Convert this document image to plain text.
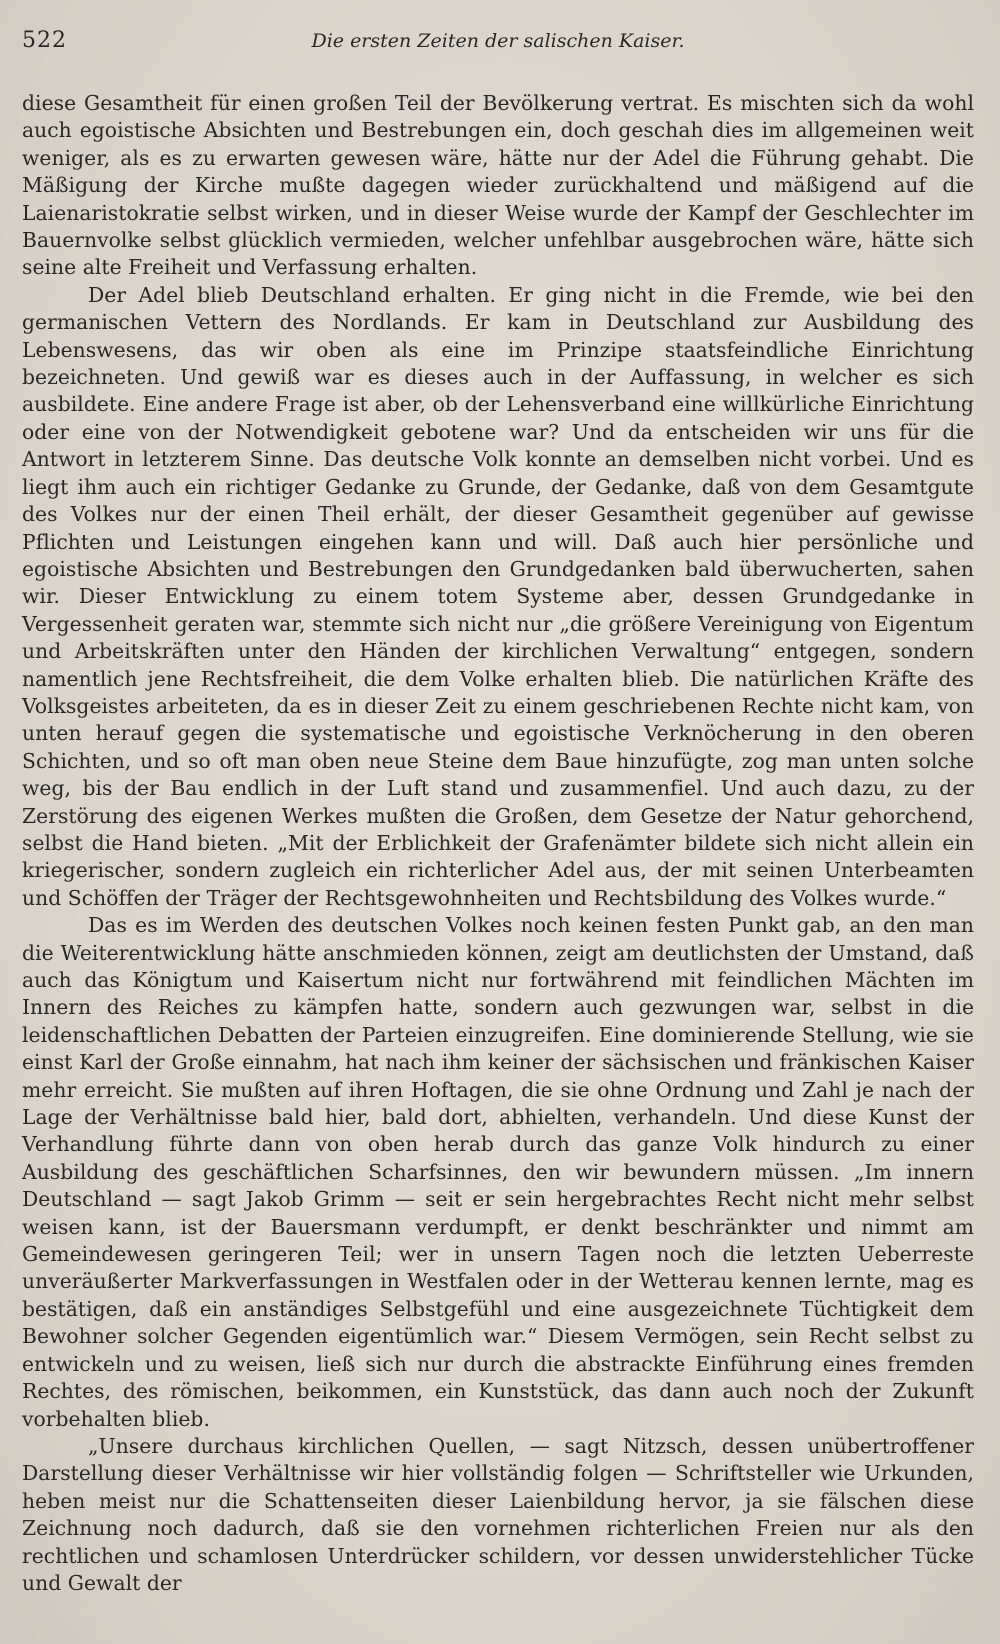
522	Die ersten Zeiten der salischen Kaiser.

diese Gesamtheit für einen großen Teil der Bevölkerung vertrat. Es mischten sich da wohl auch egoistische Absichten und Bestrebungen ein, doch geschah dies im allgemeinen weit weniger, als es zu erwarten gewesen wäre, hätte nur der Adel die Führung gehabt. Die Mäßigung der Kirche mußte dagegen wieder zurückhaltend und mäßigend auf die Laienaristokratie selbst wirken, und in dieser Weise wurde der Kampf der Geschlechter im Bauernvolke selbst glücklich vermieden, welcher unfehlbar ausgebrochen wäre, hätte sich seine alte Freiheit und Verfassung erhalten.

Der Adel blieb Deutschland erhalten. Er ging nicht in die Fremde, wie bei den germanischen Vettern des Nordlands. Er kam in Deutschland zur Ausbildung des Lebenswesens, das wir oben als eine im Prinzipe staatsfeindliche Einrichtung bezeichneten. Und gewiß war es dieses auch in der Auffassung, in welcher es sich ausbildete. Eine andere Frage ist aber, ob der Lehensverband eine willkürliche Einrichtung oder eine von der Notwendigkeit gebotene war? Und da entscheiden wir uns für die Antwort in letzterem Sinne. Das deutsche Volk konnte an demselben nicht vorbei. Und es liegt ihm auch ein richtiger Gedanke zu Grunde, der Gedanke, daß von dem Gesamtgute des Volkes nur der einen Theil erhält, der dieser Gesamtheit gegenüber auf gewisse Pflichten und Leistungen eingehen kann und will. Daß auch hier persönliche und egoistische Absichten und Bestrebungen den Grundgedanken bald überwucherten, sahen wir. Dieser Entwicklung zu einem totem Systeme aber, dessen Grundgedanke in Vergessenheit geraten war, stemmte sich nicht nur „die größere Vereinigung von Eigentum und Arbeitskräften unter den Händen der kirchlichen Verwaltung“ entgegen, sondern namentlich jene Rechtsfreiheit, die dem Volke erhalten blieb. Die natürlichen Kräfte des Volksgeistes arbeiteten, da es in dieser Zeit zu einem geschriebenen Rechte nicht kam, von unten herauf gegen die systematische und egoistische Verknöcherung in den oberen Schichten, und so oft man oben neue Steine dem Baue hinzufügte, zog man unten solche weg, bis der Bau endlich in der Luft stand und zusammenfiel. Und auch dazu, zu der Zerstörung des eigenen Werkes mußten die Großen, dem Gesetze der Natur gehorchend, selbst die Hand bieten. „Mit der Erblichkeit der Grafenämter bildete sich nicht allein ein kriegerischer, sondern zugleich ein richterlicher Adel aus, der mit seinen Unterbeamten und Schöffen der Träger der Rechtsgewohnheiten und Rechtsbildung des Volkes wurde.“

Das es im Werden des deutschen Volkes noch keinen festen Punkt gab, an den man die Weiterentwicklung hätte anschmieden können, zeigt am deutlichsten der Umstand, daß auch das Königtum und Kaisertum nicht nur fortwährend mit feindlichen Mächten im Innern des Reiches zu kämpfen hatte, sondern auch gezwungen war, selbst in die leidenschaftlichen Debatten der Parteien einzugreifen. Eine dominierende Stellung, wie sie einst Karl der Große einnahm, hat nach ihm keiner der sächsischen und fränkischen Kaiser mehr erreicht. Sie mußten auf ihren Hoftagen, die sie ohne Ordnung und Zahl je nach der Lage der Verhältnisse bald hier, bald dort, abhielten, verhandeln. Und diese Kunst der Verhandlung führte dann von oben herab durch das ganze Volk hindurch zu einer Ausbildung des geschäftlichen Scharfsinnes, den wir bewundern müssen. „Im innern Deutschland — sagt Jakob Grimm — seit er sein hergebrachtes Recht nicht mehr selbst weisen kann, ist der Bauersmann verdumpft, er denkt beschränkter und nimmt am Gemeindewesen geringeren Teil; wer in unsern Tagen noch die letzten Ueberreste unveräußerter Markverfassungen in Westfalen oder in der Wetterau kennen lernte, mag es bestätigen, daß ein anständiges Selbstgefühl und eine ausgezeichnete Tüchtigkeit dem Bewohner solcher Gegenden eigentümlich war.“ Diesem Vermögen, sein Recht selbst zu entwickeln und zu weisen, ließ sich nur durch die abstrackte Einführung eines fremden Rechtes, des römischen, beikommen, ein Kunststück, das dann auch noch der Zukunft vorbehalten blieb.

„Unsere durchaus kirchlichen Quellen, — sagt Nitzsch, dessen unübertroffener Darstellung dieser Verhältnisse wir hier vollständig folgen — Schriftsteller wie Urkunden, heben meist nur die Schattenseiten dieser Laienbildung hervor, ja sie fälschen diese Zeichnung noch dadurch, daß sie den vornehmen richterlichen Freien nur als den rechtlichen und schamlosen Unterdrücker schildern, vor dessen unwiderstehlicher Tücke und Gewalt der
